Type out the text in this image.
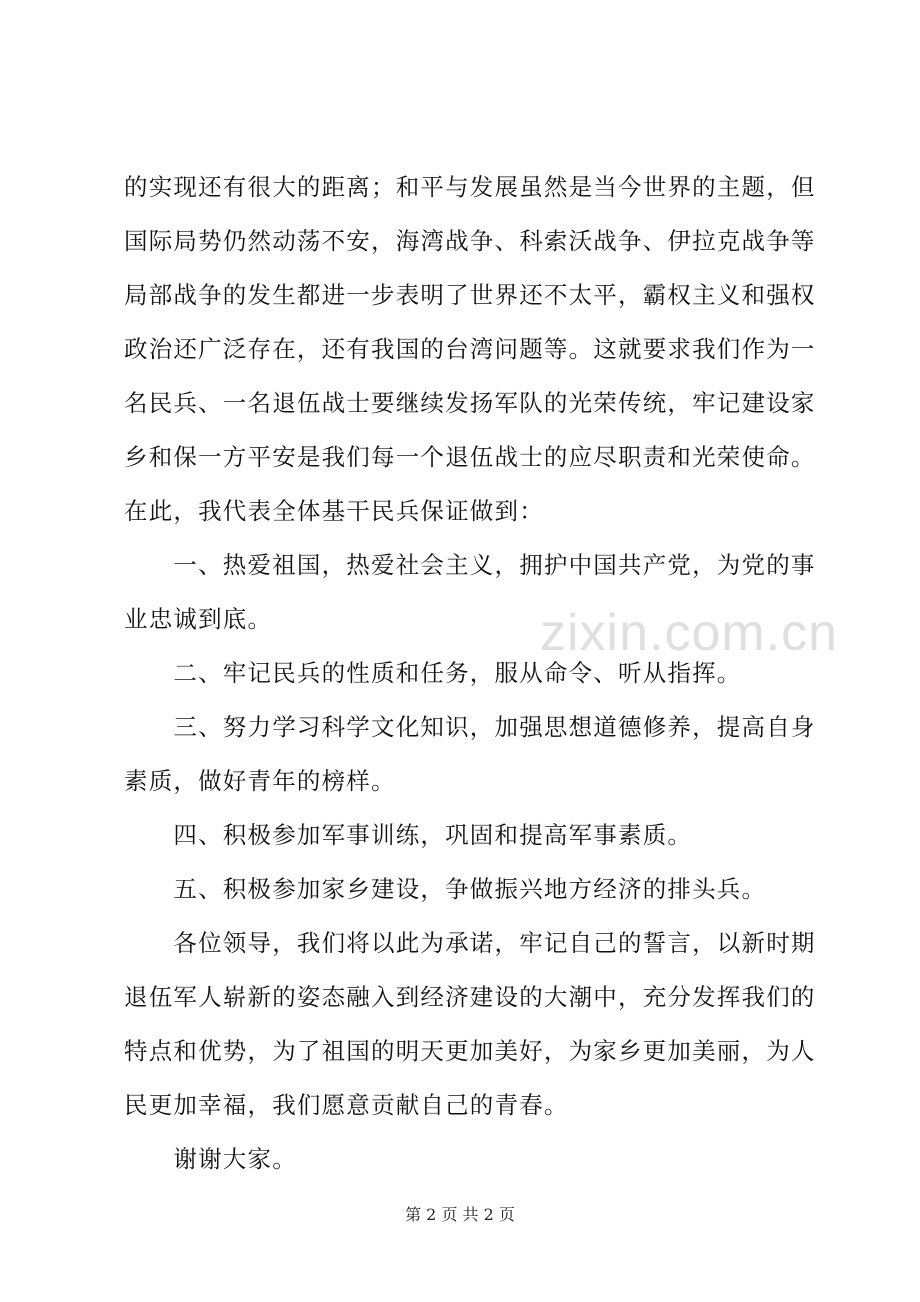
的实现还有很大的距离；和平与发展虽然是当今世界的主题，但
国际局势仍然动荡不安，海湾战争、科索沃战争、伊拉克战争等
局部战争的发生都进一步表明了世界还不太平，霸权主义和强权
政治还广泛存在，还有我国的台湾问题等。这就要求我们作为一
名民兵、一名退伍战士要继续发扬军队的光荣传统，牢记建设家
乡和保一方平安是我们每一个退伍战士的应尽职责和光荣使命。
在此，我代表全体基干民兵保证做到：
　　一、热爱祖国，热爱社会主义，拥护中国共产党，为党的事
业忠诚到底。
　　二、牢记民兵的性质和任务，服从命令、听从指挥。
　　三、努力学习科学文化知识，加强思想道德修养，提高自身
素质，做好青年的榜样。
　　四、积极参加军事训练，巩固和提高军事素质。
　　五、积极参加家乡建设，争做振兴地方经济的排头兵。
　　各位领导，我们将以此为承诺，牢记自己的誓言，以新时期
退伍军人崭新的姿态融入到经济建设的大潮中，充分发挥我们的
特点和优势，为了祖国的明天更加美好，为家乡更加美丽，为人
民更加幸福，我们愿意贡献自己的青春。
　　谢谢大家。
zixin.com.cn
第 2 页 共 2 页
